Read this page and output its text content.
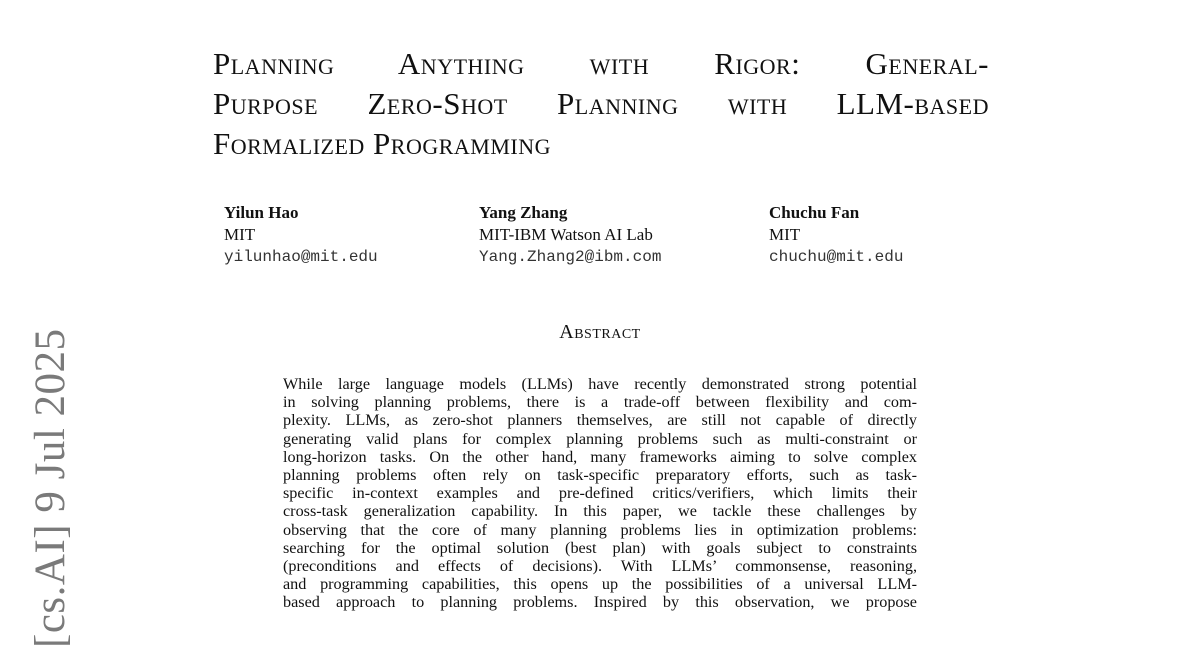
[cs.AI] 9 Jul 2025
Planning Anything with Rigor: General-
Purpose Zero-Shot Planning with LLM-based
Formalized Programming
Yilun Hao
MIT
yilunhao@mit.edu
Yang Zhang
MIT-IBM Watson AI Lab
Yang.Zhang2@ibm.com
Chuchu Fan
MIT
chuchu@mit.edu
Abstract

While large language models (LLMs) have recently demonstrated strong potential
in solving planning problems, there is a trade-off between flexibility and com-
plexity. LLMs, as zero-shot planners themselves, are still not capable of directly
generating valid plans for complex planning problems such as multi-constraint or
long-horizon tasks. On the other hand, many frameworks aiming to solve complex
planning problems often rely on task-specific preparatory efforts, such as task-
specific in-context examples and pre-defined critics/verifiers, which limits their
cross-task generalization capability. In this paper, we tackle these challenges by
observing that the core of many planning problems lies in optimization problems:
searching for the optimal solution (best plan) with goals subject to constraints
(preconditions and effects of decisions). With LLMs’ commonsense, reasoning,
and programming capabilities, this opens up the possibilities of a universal LLM-
based approach to planning problems. Inspired by this observation, we propose
